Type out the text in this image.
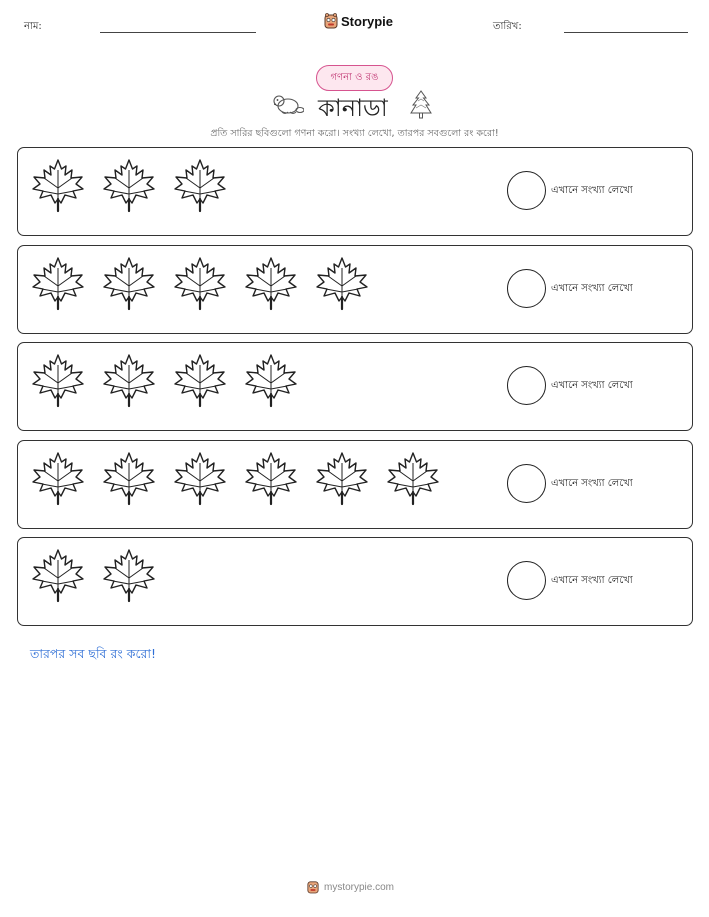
নাম:	Storypie	তারিখ:
গণনা ও রঙ
কানাডা
প্রতি সারির ছবিগুলো গণনা করো। সংখ্যা লেখো, তারপর সবগুলো রং করো!
এখানে সংখ্যা লেখো
এখানে সংখ্যা লেখো
এখানে সংখ্যা লেখো
এখানে সংখ্যা লেখো
এখানে সংখ্যা লেখো
তারপর সব ছবি রং করো!
mystorypie.com
